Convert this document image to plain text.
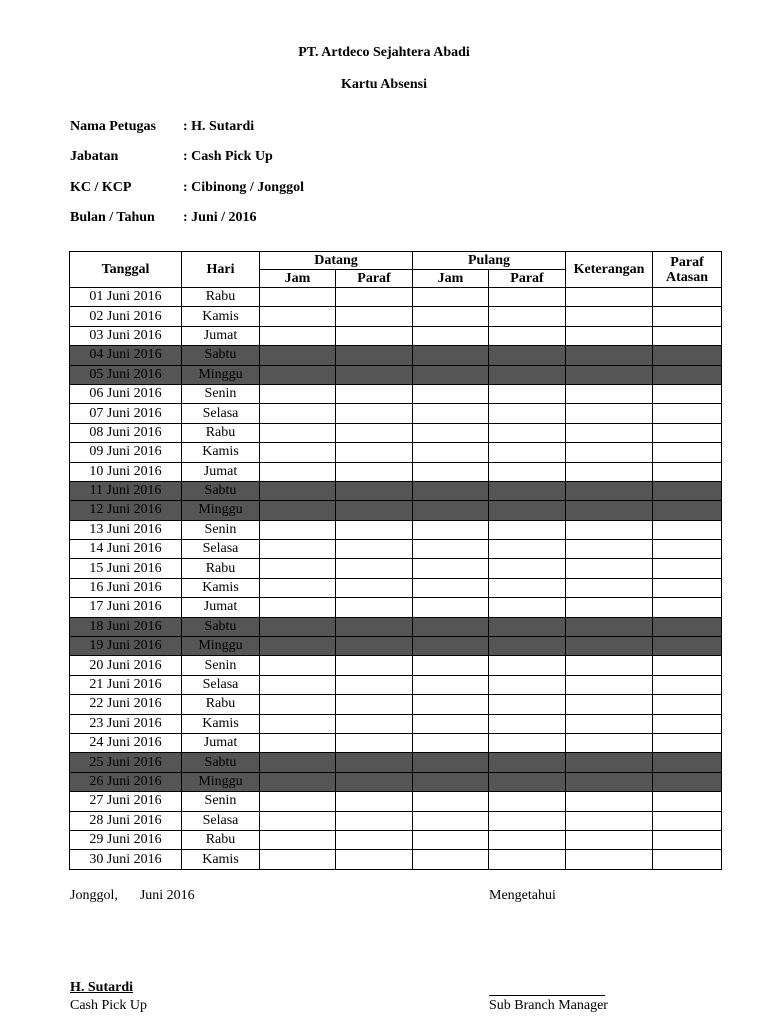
PT. Artdeco Sejahtera Abadi
Kartu Absensi
Nama Petugas : H. Sutardi
Jabatan	: Cash Pick Up
KC / KCP	: Cibinong / Jonggol
Bulan / Tahun : Juni / 2016
Tanggal	Hari	Datang		Pulang		Keterangan	Paraf
Atasan

		Jam	Paraf	Jam	Paraf		
01 Juni 2016	Rabu						
02 Juni 2016	Kamis						
03 Juni 2016	Jumat						
04 Juni 2016	Sabtu						
05 Juni 2016	Minggu						
06 Juni 2016	Senin						
07 Juni 2016	Selasa						
08 Juni 2016	Rabu						
09 Juni 2016	Kamis						
10 Juni 2016	Jumat						
11 Juni 2016	Sabtu						
12 Juni 2016	Minggu						
13 Juni 2016	Senin						
14 Juni 2016	Selasa						
15 Juni 2016	Rabu						
16 Juni 2016	Kamis						
17 Juni 2016	Jumat						
18 Juni 2016	Sabtu						
19 Juni 2016	Minggu						
20 Juni 2016	Senin						
21 Juni 2016	Selasa						
22 Juni 2016	Rabu						
23 Juni 2016	Kamis						
24 Juni 2016	Jumat						
25 Juni 2016	Sabtu						
26 Juni 2016	Minggu						
27 Juni 2016	Senin						
28 Juni 2016	Selasa						
29 Juni 2016	Rabu						
30 Juni 2016	Kamis						
Jonggol, Juni 2016	Mengetahui
H. Sutardi
Cash Pick Up	Sub Branch Manager
